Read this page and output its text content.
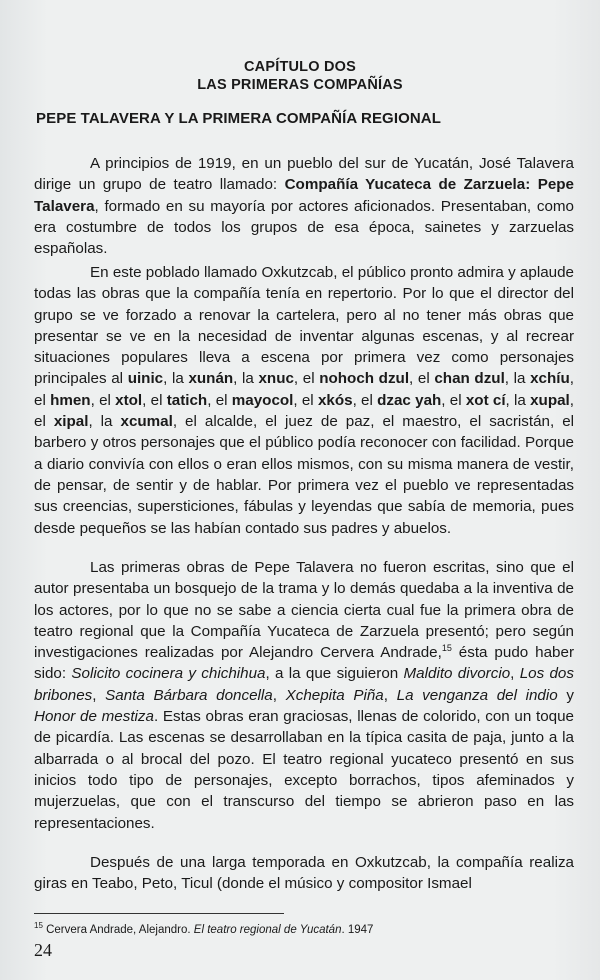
CAPÍTULO DOS

LAS PRIMERAS COMPAÑÍAS

PEPE TALAVERA Y LA PRIMERA COMPAÑÍA REGIONAL

A principios de 1919, en un pueblo del sur de Yucatán, José Talavera dirige un grupo de teatro llamado: Compañía Yucateca de Zarzuela: Pepe Talavera, formado en su mayoría por actores aficionados. Presentaban, como era costumbre de todos los grupos de esa época, sainetes y zarzuelas españolas.

En este poblado llamado Oxkutzcab, el público pronto admira y aplaude todas las obras que la compañía tenía en repertorio. Por lo que el director del grupo se ve forzado a renovar la cartelera, pero al no tener más obras que presentar se ve en la necesidad de inventar algunas escenas, y al recrear situaciones populares lleva a escena por primera vez como personajes principales al uinic, la xunán, la xnuc, el nohoch dzul, el chan dzul, la xchíu, el hmen, el xtol, el tatich, el mayocol, el xkós, el dzac yah, el xot cí, la xupal, el xipal, la xcumal, el alcalde, el juez de paz, el maestro, el sacristán, el barbero y otros personajes que el público podía reconocer con facilidad. Porque a diario convivía con ellos o eran ellos mismos, con su misma manera de vestir, de pensar, de sentir y de hablar. Por primera vez el pueblo ve representadas sus creencias, supersticiones, fábulas y leyendas que sabía de memoria, pues desde pequeños se las habían contado sus padres y abuelos.

Las primeras obras de Pepe Talavera no fueron escritas, sino que el autor presentaba un bosquejo de la trama y lo demás quedaba a la inventiva de los actores, por lo que no se sabe a ciencia cierta cual fue la primera obra de teatro regional que la Compañía Yucateca de Zarzuela presentó; pero según investigaciones realizadas por Alejandro Cervera Andrade,$^{15}$ ésta pudo haber sido: Solicito cocinera y chichihua, a la que siguieron Maldito divorcio, Los dos bribones, Santa Bárbara doncella, Xchepita Piña, La venganza del indio y Honor de mestiza. Estas obras eran graciosas, llenas de colorido, con un toque de picardía. Las escenas se desarrollaban en la típica casita de paja, junto a la albarrada o al brocal del pozo. El teatro regional yucateco presentó en sus inicios todo tipo de personajes, excepto borrachos, tipos afeminados y mujerzuelas, que con el transcurso del tiempo se abrieron paso en las representaciones.

Después de una larga temporada en Oxkutzcab, la compañía realiza giras en Teabo, Peto, Ticul (donde el músico y compositor Ismael

$^{15}$ Cervera Andrade, Alejandro. El teatro regional de Yucatán. 1947
24
